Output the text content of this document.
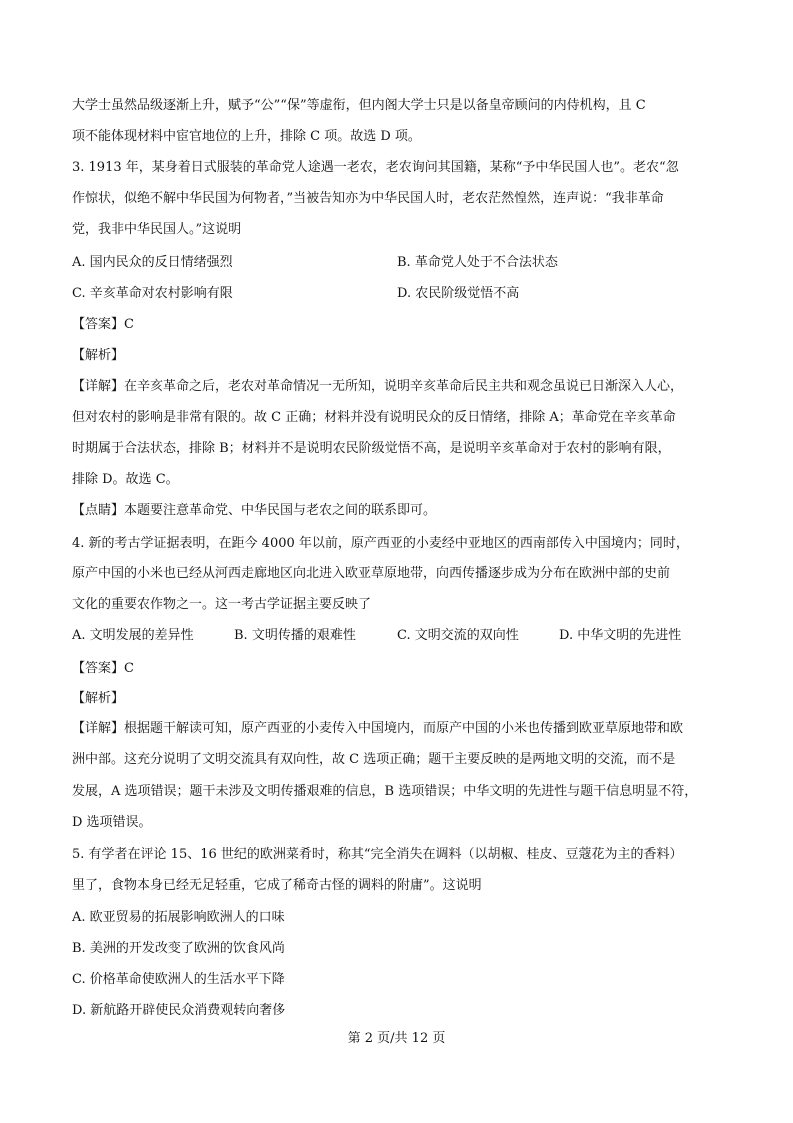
大学士虽然品级逐渐上升，赋予“公”“保”等虚衔，但内阁大学士只是以备皇帝顾问的内侍机构，且 C
项不能体现材料中宦官地位的上升，排除 C 项。故选 D 项。
3. 1913 年，某身着日式服装的革命党人途遇一老农，老农询问其国籍，某称“予中华民国人也”。老农“忽
作惊状，似绝不解中华民国为何物者，”当被告知亦为中华民国人时，老农茫然惶然，连声说：“我非革命
党，我非中华民国人。”这说明
A. 国内民众的反日情绪强烈	B. 革命党人处于不合法状态
C. 辛亥革命对农村影响有限	D. 农民阶级觉悟不高
【答案】C
【解析】
【详解】在辛亥革命之后，老农对革命情况一无所知，说明辛亥革命后民主共和观念虽说已日渐深入人心，
但对农村的影响是非常有限的。故 C 正确；材料并没有说明民众的反日情绪，排除 A；革命党在辛亥革命
时期属于合法状态，排除 B；材料并不是说明农民阶级觉悟不高，是说明辛亥革命对于农村的影响有限，
排除 D。故选 C。
【点睛】本题要注意革命党、中华民国与老农之间的联系即可。
4. 新的考古学证据表明，在距今 4000 年以前，原产西亚的小麦经中亚地区的西南部传入中国境内；同时，
原产中国的小米也已经从河西走廊地区向北进入欧亚草原地带，向西传播逐步成为分布在欧洲中部的史前
文化的重要农作物之一。这一考古学证据主要反映了
A. 文明发展的差异性	B. 文明传播的艰难性	C. 文明交流的双向性	D. 中华文明的先进性
【答案】C
【解析】
【详解】根据题干解读可知，原产西亚的小麦传入中国境内，而原产中国的小米也传播到欧亚草原地带和欧
洲中部。这充分说明了文明交流具有双向性，故 C 选项正确；题干主要反映的是两地文明的交流，而不是
发展，A 选项错误；题干未涉及文明传播艰难的信息，B 选项错误；中华文明的先进性与题干信息明显不符，
D 选项错误。
5. 有学者在评论 15、16 世纪的欧洲菜肴时，称其“完全消失在调料（以胡椒、桂皮、豆蔻花为主的香料）
里了，食物本身已经无足轻重，它成了稀奇古怪的调料的附庸”。这说明
A. 欧亚贸易的拓展影响欧洲人的口味
B. 美洲的开发改变了欧洲的饮食风尚
C. 价格革命使欧洲人的生活水平下降
D. 新航路开辟使民众消费观转向奢侈
第 2 页/共 12 页
